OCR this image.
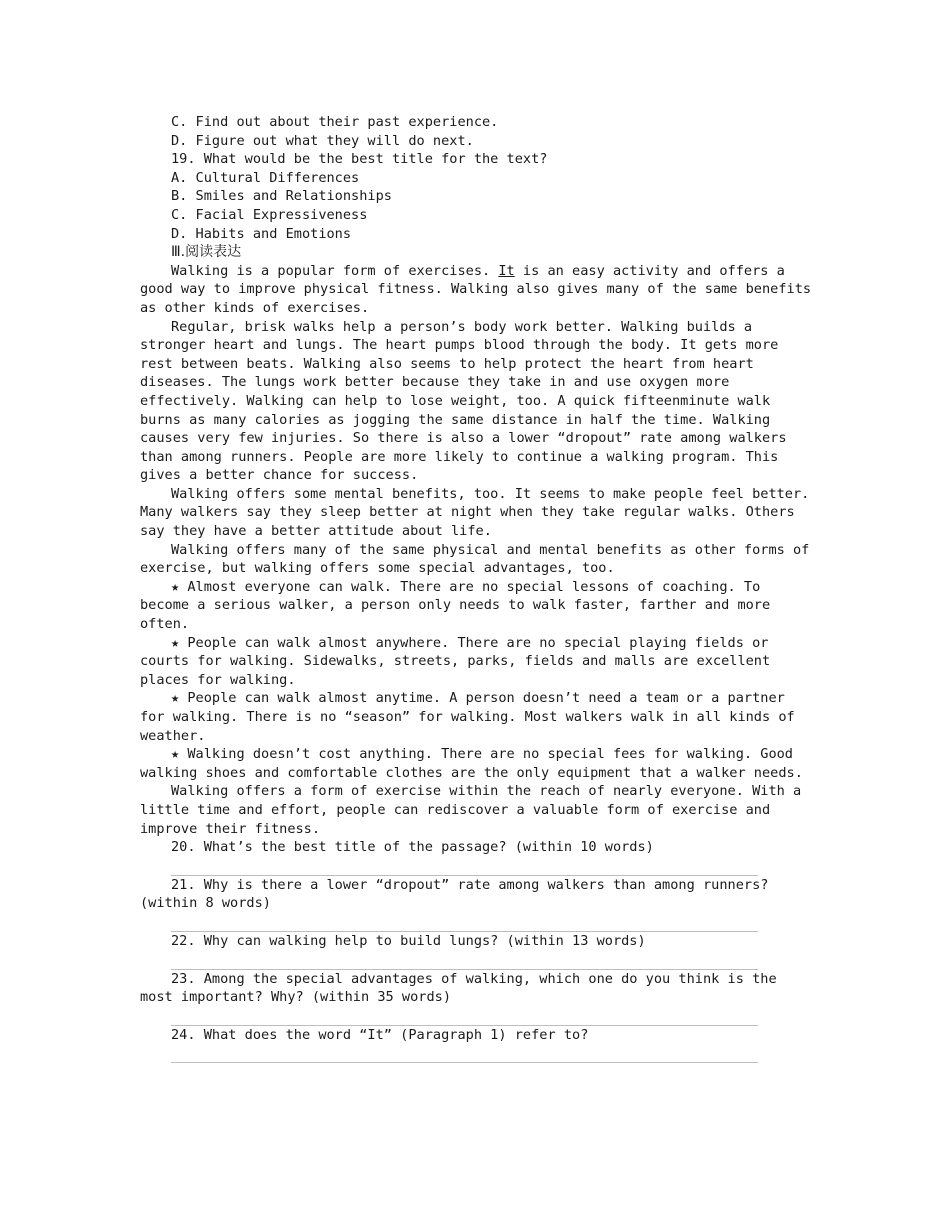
C. Find out about their past experience.

D. Figure out what they will do next.

19. What would be the best title for the text?

A. Cultural Differences

B. Smiles and Relationships

C. Facial Expressiveness

D. Habits and Emotions

Ⅲ.阅读表达

Walking is a popular form of exercises. It is an easy activity and offers a good way to improve physical fitness. Walking also gives many of the same benefits as other kinds of exercises.

Regular, brisk walks help a person’s body work better. Walking builds a stronger heart and lungs. The heart pumps blood through the body. It gets more rest between beats. Walking also seems to help protect the heart from heart diseases. The lungs work better because they take in and use oxygen more effectively. Walking can help to lose weight, too. A quick fifteenminute walk burns as many calories as jogging the same distance in half the time. Walking causes very few injuries. So there is also a lower “dropout” rate among walkers than among runners. People are more likely to continue a walking program. This gives a better chance for success.

Walking offers some mental benefits, too. It seems to make people feel better. Many walkers say they sleep better at night when they take regular walks. Others say they have a better attitude about life.

Walking offers many of the same physical and mental benefits as other forms of exercise, but walking offers some special advantages, too.

★ Almost everyone can walk. There are no special lessons of coaching. To become a serious walker, a person only needs to walk faster, farther and more often.

★ People can walk almost anywhere. There are no special playing fields or courts for walking. Sidewalks, streets, parks, fields and malls are excellent places for walking.

★ People can walk almost anytime. A person doesn’t need a team or a partner for walking. There is no “season” for walking. Most walkers walk in all kinds of weather.

★ Walking doesn’t cost anything. There are no special fees for walking. Good walking shoes and comfortable clothes are the only equipment that a walker needs.

Walking offers a form of exercise within the reach of nearly everyone. With a little time and effort, people can rediscover a valuable form of exercise and improve their fitness.

20. What’s the best title of the passage? (within 10 words)

21. Why is there a lower “dropout” rate among walkers than among runners?(within 8 words)

22. Why can walking help to build lungs? (within 13 words)

23. Among the special advantages of walking, which one do you think is the most important? Why? (within 35 words)

24. What does the word “It” (Paragraph 1) refer to?
